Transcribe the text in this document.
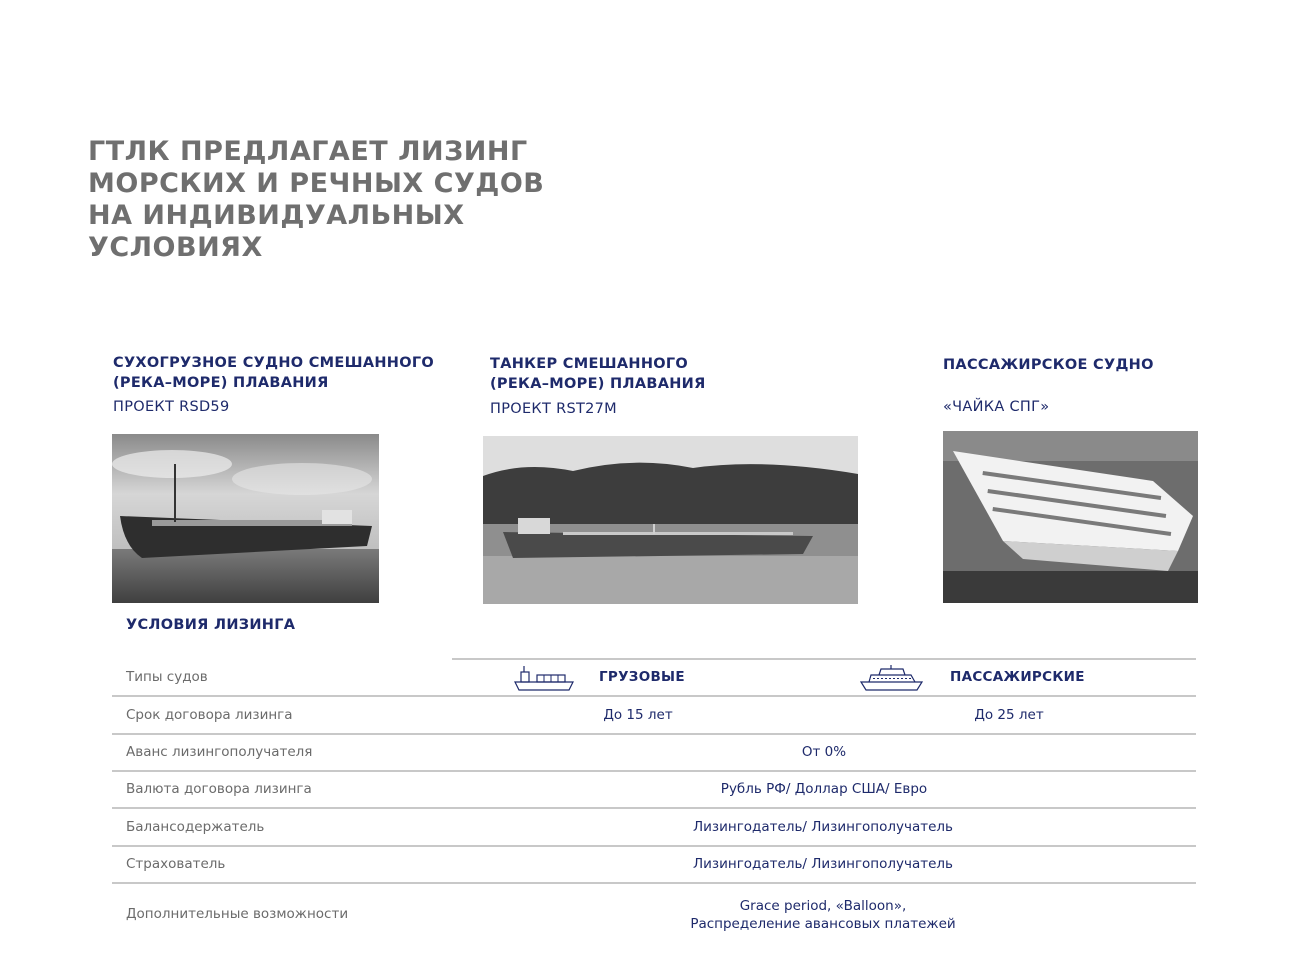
ГТЛК ПРЕДЛАГАЕТ ЛИЗИНГ
МОРСКИХ И РЕЧНЫХ СУДОВ
НА ИНДИВИДУАЛЬНЫХ
УСЛОВИЯХ
СУХОГРУЗНОЕ СУДНО СМЕШАННОГО
(РЕКА–МОРЕ) ПЛАВАНИЯ
ПРОЕКТ RSD59
ТАНКЕР СМЕШАННОГО
(РЕКА–МОРЕ) ПЛАВАНИЯ
ПРОЕКТ RST27M
ПАССАЖИРСКОЕ СУДНО
«ЧАЙКА СПГ»
УСЛОВИЯ ЛИЗИНГА
Типы судов	ГРУЗОВЫЕ	ПАССАЖИРСКИЕ
Срок договора лизинга	До 15 лет	До 25 лет
Аванс лизингополучателя	От 0%
Валюта договора лизинга	Рубль РФ/ Доллар США/ Евро
Балансодержатель	Лизингодатель/ Лизингополучатель
Страхователь	Лизингодатель/ Лизингополучатель
Дополнительные возможности	Grace period, «Balloon»,
Распределение авансовых платежей
